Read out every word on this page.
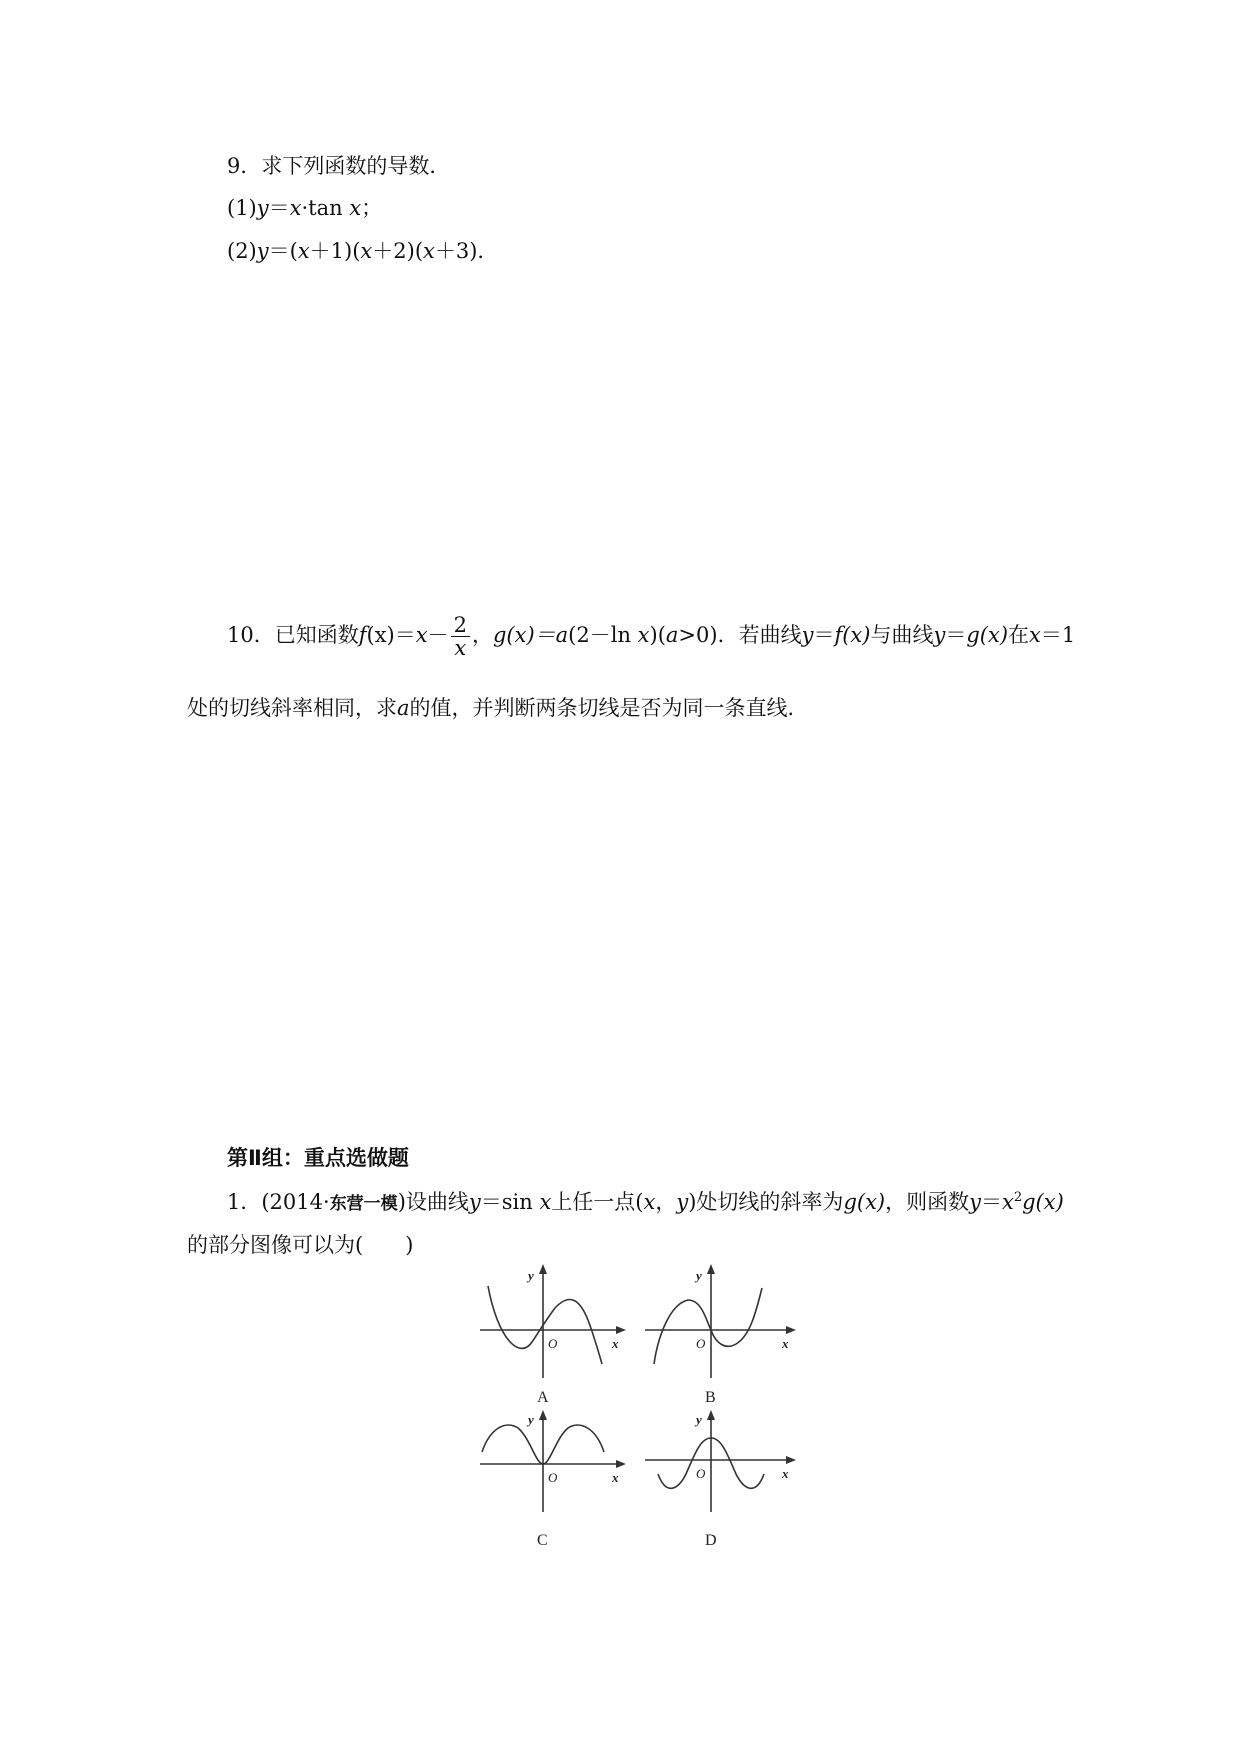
9．求下列函数的导数．
(1)y＝x·tan x；
(2)y＝(x＋1)(x＋2)(x＋3)．
10．已知函数$f(x)=x- \frac{2}{x}$ ，g(x)＝a(2－ln x)(a>0)．若曲线y＝f(x)与曲线y＝g(x)在x＝1
处的切线斜率相同，求a的值，并判断两条切线是否为同一条直线．
第Ⅱ组：重点选做题
1．(2014·东营一模)设曲线y＝sin x上任一点(x，y)处切线的斜率为g(x)，则函数$y=x^2g(x)$
的部分图像可以为(　　)
y
x
O
y
x
O
y
x
O
y
x
O
A	B
C	D
